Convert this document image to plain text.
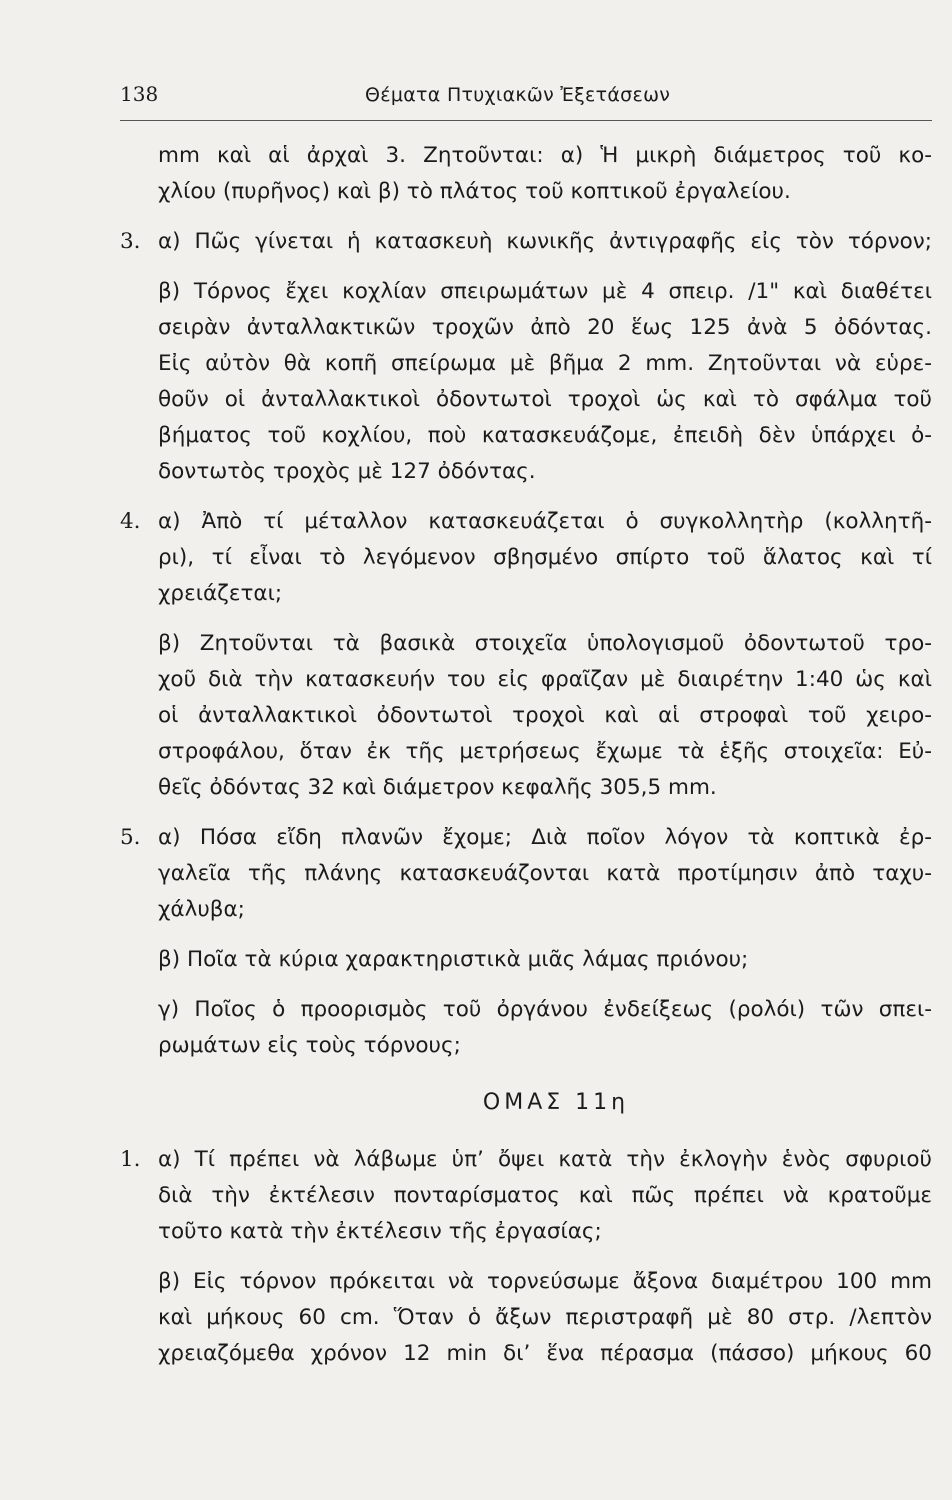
138	Θέματα Πτυχιακῶν Ἐξετάσεων
mm καὶ αἱ ἀρχαὶ 3. Ζητοῦνται: α) Ἡ μικρὴ διάμετρος τοῦ κο-
χλίου (πυρῆνος) καὶ β) τὸ πλάτος τοῦ κοπτικοῦ ἐργαλείου.
3. α) Πῶς γίνεται ἡ κατασκευὴ κωνικῆς ἀντιγραφῆς εἰς τὸν τόρνον;
β) Τόρνος ἔχει κοχλίαν σπειρωμάτων μὲ 4 σπειρ. /1" καὶ διαθέτει
σειρὰν ἀνταλλακτικῶν τροχῶν ἀπὸ 20 ἕως 125 ἀνὰ 5 ὀδόντας.
Εἰς αὐτὸν θὰ κοπῆ σπείρωμα μὲ βῆμα 2 mm. Ζητοῦνται νὰ εὑρε-
θοῦν οἱ ἀνταλλακτικοὶ ὀδοντωτοὶ τροχοὶ ὡς καὶ τὸ σφάλμα τοῦ
βήματος τοῦ κοχλίου, ποὺ κατασκευάζομε, ἐπειδὴ δὲν ὑπάρχει ὀ-
δοντωτὸς τροχὸς μὲ 127 ὀδόντας.
4. α) Ἀπὸ τί μέταλλον κατασκευάζεται ὁ συγκολλητὴρ (κολλητῆ-
ρι), τί εἶναι τὸ λεγόμενον σβησμένο σπίρτο τοῦ ἅλατος καὶ τί
χρειάζεται;
β) Ζητοῦνται τὰ βασικὰ στοιχεῖα ὑπολογισμοῦ ὀδοντωτοῦ τρο-
χοῦ διὰ τὴν κατασκευήν του εἰς φραῖζαν μὲ διαιρέτην 1:40 ὡς καὶ
οἱ ἀνταλλακτικοὶ ὀδοντωτοὶ τροχοὶ καὶ αἱ στροφαὶ τοῦ χειρο-
στροφάλου, ὅταν ἐκ τῆς μετρήσεως ἔχωμε τὰ ἑξῆς στοιχεῖα: Εὐ-
θεῖς ὀδόντας 32 καὶ διάμετρον κεφαλῆς 305,5 mm.
5. α) Πόσα εἴδη πλανῶν ἔχομε; Διὰ ποῖον λόγον τὰ κοπτικὰ ἐρ-
γαλεῖα τῆς πλάνης κατασκευάζονται κατὰ προτίμησιν ἀπὸ ταχυ-
χάλυβα;
β) Ποῖα τὰ κύρια χαρακτηριστικὰ μιᾶς λάμας πριόνου;
γ) Ποῖος ὁ προορισμὸς τοῦ ὀργάνου ἐνδείξεως (ρολόι) τῶν σπει-
ρωμάτων εἰς τοὺς τόρνους;
ΟΜΑΣ 11η
1. α) Τί πρέπει νὰ λάβωμε ὑπ’ ὄψει κατὰ τὴν ἐκλογὴν ἑνὸς σφυριοῦ
διὰ τὴν ἐκτέλεσιν πονταρίσματος καὶ πῶς πρέπει νὰ κρατοῦμε
τοῦτο κατὰ τὴν ἐκτέλεσιν τῆς ἐργασίας;
β) Εἰς τόρνον πρόκειται νὰ τορνεύσωμε ἄξονα διαμέτρου 100 mm
καὶ μήκους 60 cm. Ὅταν ὁ ἄξων περιστραφῆ μὲ 80 στρ. /λεπτὸν
χρειαζόμεθα χρόνον 12 min δι’ ἕνα πέρασμα (πάσσο) μήκους 60
